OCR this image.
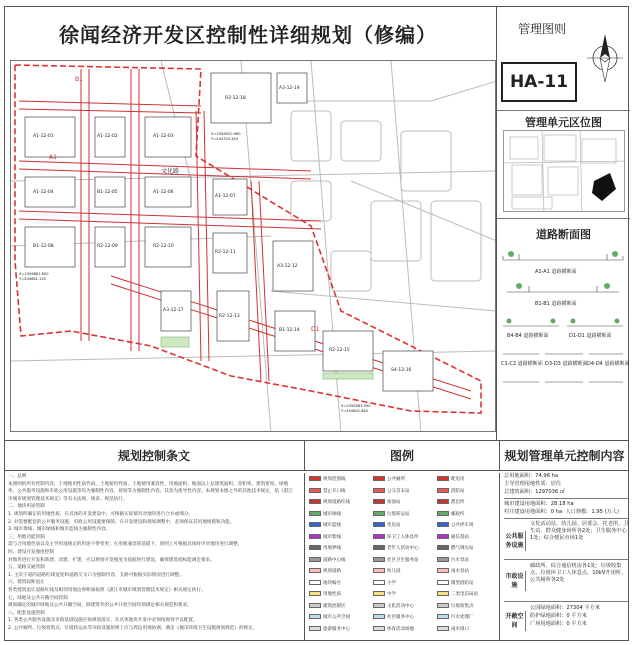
徐闻经济开发区控制性详细规划（修编）
A1-12-01	A1-12-02	A1-12-03
A1-12-04	B1-12-05	A1-12-06
A1-12-07
B1-12-08	R2-12-09	R2-12-10
R2-12-11
A3-12-12
R2-12-13
B1-12-14
R2-12-15
S4-12-16
A3-12-17
R2-12-18
A3-12-19
文化路
A1
B1
D1
X=2356861.850
Y=434661.120
X=2356920.980
Y=434729.340
X=2356583.590
Y=434802.840
管理图则
HA-11
管理单元区位图
道路断面图
A1-A1 道路横断面
B1-B1 道路横断面
B4-B4 道路横断面	D1-D1 道路横断面
C1-C2 道路横断面 D3-D3 道路横断面 D4-D4 道路横断面
规划控制条文	图例	规划管理单元控制内容
一、总则
本图则的所有控制内容，土地使用性质代码、土地使用性质、土地使用兼容性、用地面积、地面以上总建筑面积、容积率、建筑密度、绿地率、公共服务设施和市政公用设施等均为强制性内容，规划等为强制性内容。其余为指导性内容。本规划本图之外的其他技术规定，依《湛江市城市规划管理技术规定》等有关法规、规章、规范执行。
二、地块用途管制
1. 规划所确定的用地性质，在具体的开发建设中，可根据实际情况对地块进行合并或细分。
2. 对需要配套的公共服务设施、市政公用设施要保障，在开发建设和规划调整中，必须保证其用地规模和功能。
3. 城市黄线、城市绿线和城市蓝线为强制性内容。
三、用地功能管制
需与合用地性质以及主导用地规定的用途不得变更；在用地兼容的前提下，原则上可根据具体时序对地块进行调整，
四、建设开发强度控制
对地块进行开发和新建、改建、扩建，应以规划开发强度为依据进行建设，确保建筑指标能满足要求。
五、道路交通管制
1. 主次干道的道路红线宽度和道路交叉口为强制内容，支路可根据实际情况进行调整。
六、建筑间距退让
各类建筑退让道路红线及相邻用地边界距离按照《湛江市城市规划管理技术规定》相关规定执行。
七、绿地及公共开敞空间管制
规划确定的城市绿地及公共开敞空间，除建筑外的公共开放空间均须满足相关规范和要求。
八、配套设施管制
1. 各类公共服务设施及市政基础设施应按规划落实，在具体地块开发中必须按规划予以配置。
2. 公共厕所、垃圾收集点、垃圾转运站等市政设施原则上应与周边用地协调，满足《城市环境卫生设施规划规范》的规定。
规划范围线
禁止开口线
规划道路红线
城市绿线
城市蓝线
城市紫线
用地界线
道路中心线
规划道路
地块编号
用地性质
建筑控制区
城市公共空间
旅游服务中心
公共厕所
公交首末站
加油站
垃圾转运站
变电站
环卫工人休息所
老年人活动中心
社区卫生服务站
幼儿园
小学
中学
文化活动中心
社区服务中心
体育活动场地
配电房
消防站
派出所
邮政所
公共停车场
通信基站
燃气调压站
污水泵站
雨水泵站
微型消防站
二类电信局站
垃圾收集点
污水处理厂
雨水排口
总用地面积：74.96 ha
主导管理用地性质：居住
总建筑面积：1297036 ㎡
城市建设用地面积：28.18 ha
村庄建设用地面积：0 ha 人口规模：1.95 (万人)
公共服务设施
文化活动站、幼儿园、居委会、托老所、卫生站、群众健身场所各2处；卫生服务中心1处；综合便民市场1处
市政设施
邮政所、综合通信机房各1处；垃圾收集点、垃圾环卫工人休息点、10kV开闭所、公共厕所各2处
开敞空间
公园绿地面积：27304 平方米
防护绿地面积：0 平方米
广场用地面积：0 平方米
